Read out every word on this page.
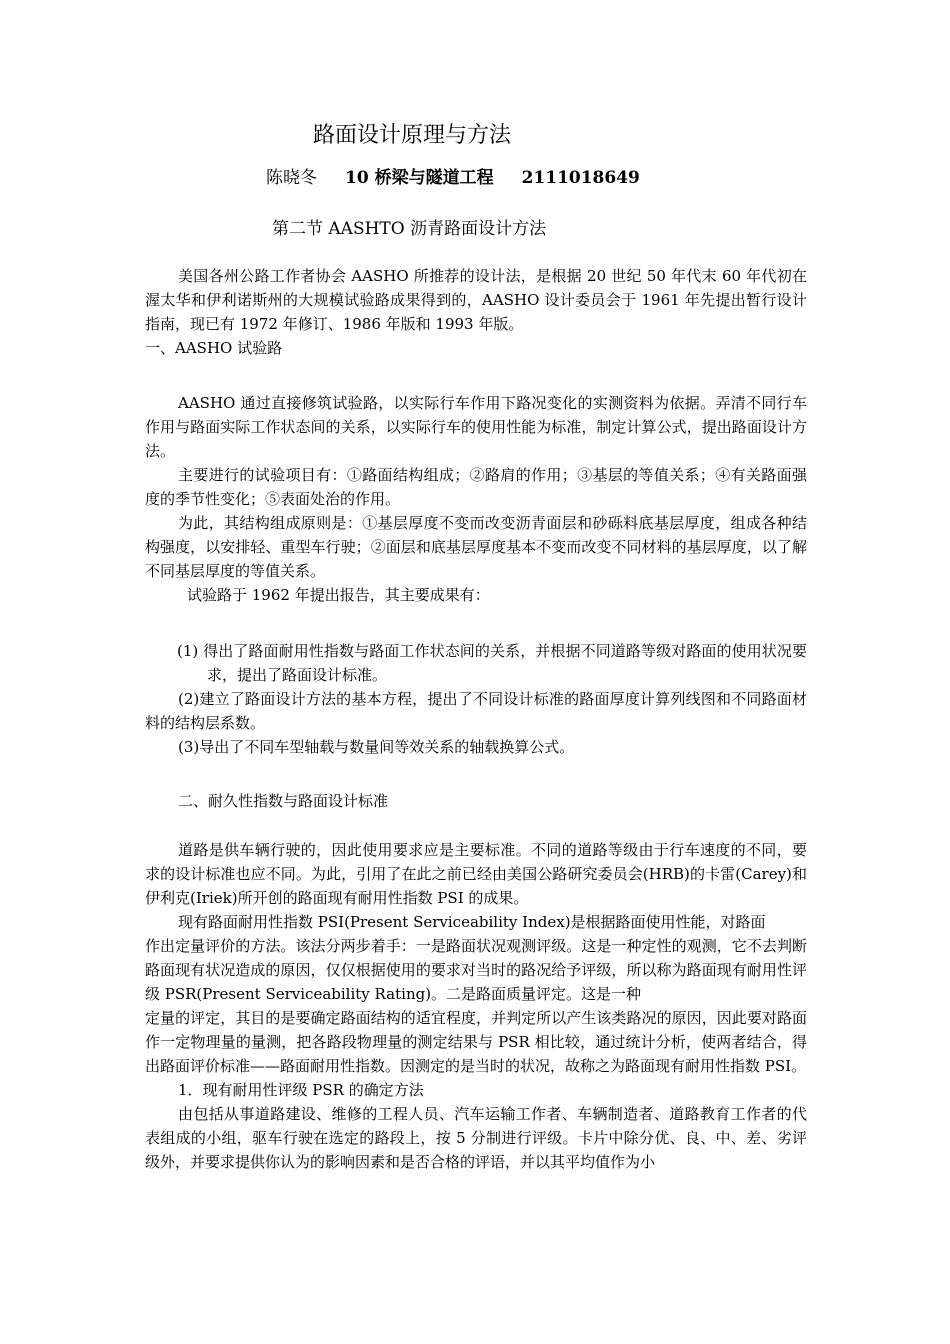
路面设计原理与方法
陈晓冬 10 桥梁与隧道工程 2111018649
第二节 AASHTO 沥青路面设计方法

美国各州公路工作者协会 AASHO 所推荐的设计法，是根据 20 世纪 50 年代末 60 年代初在渥太华和伊利诺斯州的大规模试验路成果得到的，AASHO 设计委员会于 1961 年先提出暂行设计指南，现已有 1972 年修订、1986 年版和 1993 年版。

一、AASHO 试验路

AASHO 通过直接修筑试验路，以实际行车作用下路况变化的实测资料为依据。弄清不同行车作用与路面实际工作状态间的关系，以实际行车的使用性能为标准，制定计算公式，提出路面设计方法。

主要进行的试验项目有：①路面结构组成；②路肩的作用；③基层的等值关系；④有关路面强度的季节性变化；⑤表面处治的作用。

为此，其结构组成原则是：①基层厚度不变而改变沥青面层和砂砾料底基层厚度，组成各种结构强度，以安排轻、重型车行驶；②面层和底基层厚度基本不变而改变不同材料的基层厚度，以了解不同基层厚度的等值关系。

试验路于 1962 年提出报告，其主要成果有：

(1) 得出了路面耐用性指数与路面工作状态间的关系，并根据不同道路等级对路面的使用状况要求，提出了路面设计标准。

(2)建立了路面设计方法的基本方程，提出了不同设计标准的路面厚度计算列线图和不同路面材料的结构层系数。

(3)导出了不同车型轴载与数量间等效关系的轴载换算公式。

二、耐久性指数与路面设计标准

道路是供车辆行驶的，因此使用要求应是主要标准。不同的道路等级由于行车速度的不同，要求的设计标准也应不同。为此，引用了在此之前已经由美国公路研究委员会(HRB)的卡雷(Carey)和伊利克(Iriek)所开创的路面现有耐用性指数 PSI 的成果。

现有路面耐用性指数 PSI(Present Serviceability Index)是根据路面使用性能，对路面

作出定量评价的方法。该法分两步着手：一是路面状况观测评级。这是一种定性的观测，它不去判断路面现有状况造成的原因，仅仅根据使用的要求对当时的路况给予评级，所以称为路面现有耐用性评级 PSR(Present Serviceability Rating)。二是路面质量评定。这是一种

定量的评定，其目的是要确定路面结构的适宜程度，并判定所以产生该类路况的原因，因此要对路面作一定物理量的量测，把各路段物理量的测定结果与 PSR 相比较，通过统计分析，使两者结合，得出路面评价标准——路面耐用性指数。因测定的是当时的状况，故称之为路面现有耐用性指数 PSI。

1．现有耐用性评级 PSR 的确定方法

由包括从事道路建设、维修的工程人员、汽车运输工作者、车辆制造者、道路教育工作者的代表组成的小组，驱车行驶在选定的路段上，按 5 分制进行评级。卡片中除分优、良、中、差、劣评级外，并要求提供你认为的影响因素和是否合格的评语，并以其平均值作为小
